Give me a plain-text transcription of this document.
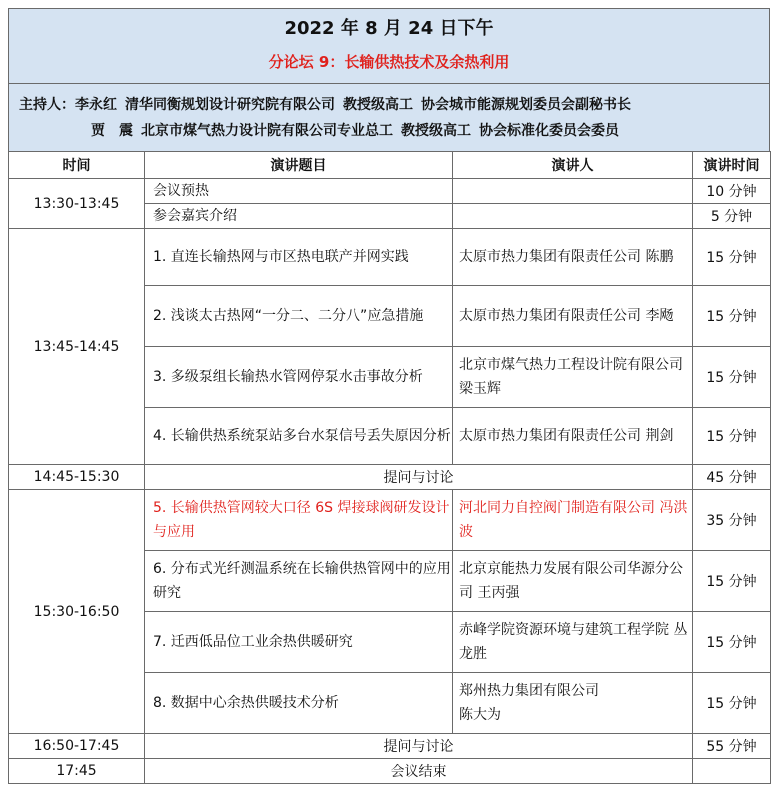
2022 年 8 月 24 日下午
分论坛 9：长输供热技术及余热利用
主持人：李永红 清华同衡规划设计研究院有限公司 教授级高工 协会城市能源规划委员会副秘书长
贾　震 北京市煤气热力设计院有限公司专业总工 教授级高工 协会标准化委员会委员
时间	演讲题目	演讲人	演讲时间
13:30-13:45	会议预热		10 分钟
	参会嘉宾介绍		5 分钟
13:45-14:45	1. 直连长输热网与市区热电联产并网实践	太原市热力集团有限责任公司 陈鹏	15 分钟
	2. 浅谈太古热网“一分二、二分八”应急措施	太原市热力集团有限责任公司 李飏	15 分钟
	3. 多级泵组长输热水管网停泵水击事故分析	北京市煤气热力工程设计院有限公司 梁玉辉	15 分钟
	4. 长输供热系统泵站多台水泵信号丢失原因分析	太原市热力集团有限责任公司 荆剑	15 分钟
14:45-15:30	提问与讨论		45 分钟
15:30-16:50	5. 长输供热管网较大口径 6S 焊接球阀研发设计与应用	河北同力自控阀门制造有限公司 冯洪波	35 分钟
	6. 分布式光纤测温系统在长输供热管网中的应用研究	北京京能热力发展有限公司华源分公司 王丙强	15 分钟
	7. 迁西低品位工业余热供暖研究	赤峰学院资源环境与建筑工程学院 丛龙胜	15 分钟
	8. 数据中心余热供暖技术分析	郑州热力集团有限公司
陈大为	15 分钟
16:50-17:45	提问与讨论		55 分钟
17:45	会议结束		
